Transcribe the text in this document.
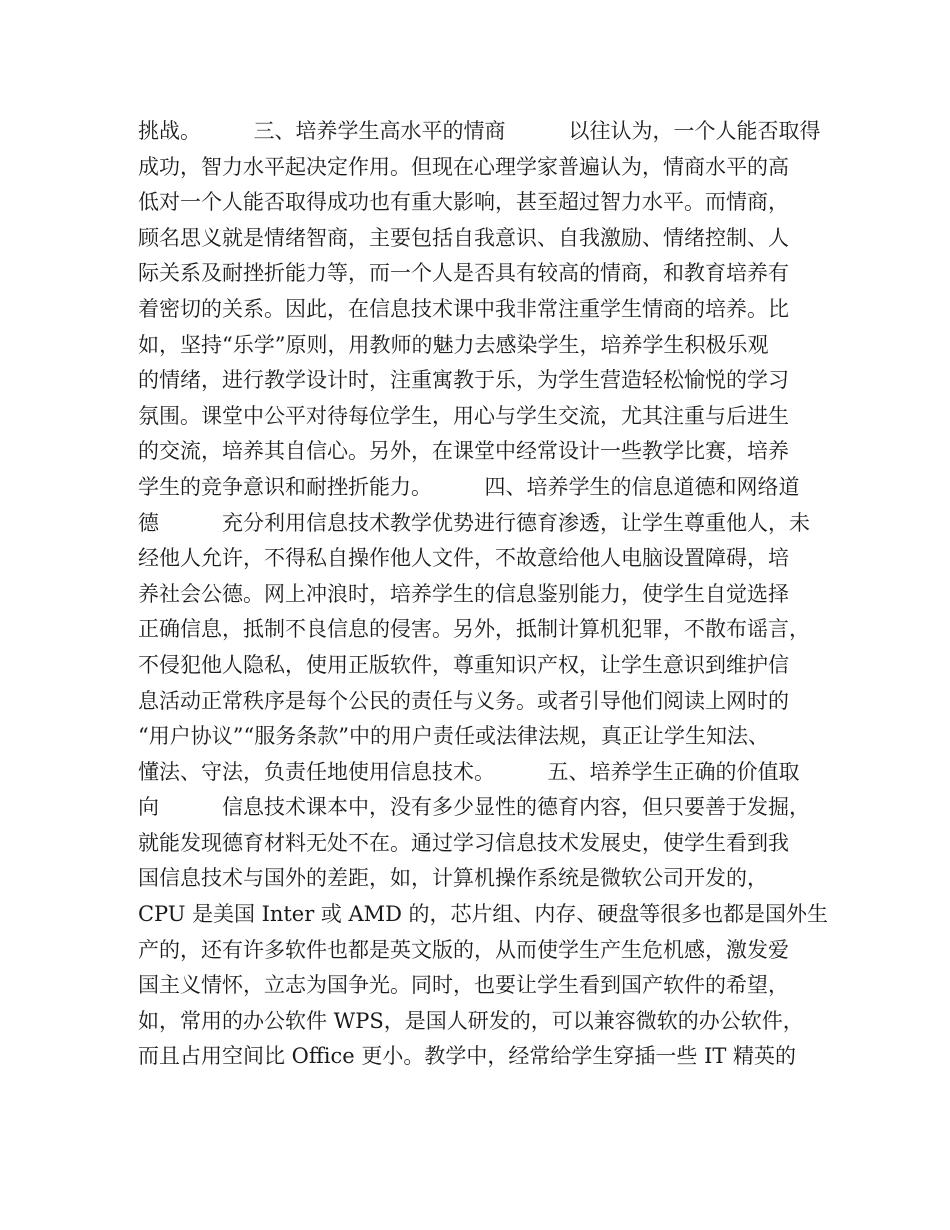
挑战。　　　三、培养学生高水平的情商　　　以往认为，一个人能否取得
成功，智力水平起决定作用。但现在心理学家普遍认为，情商水平的高
低对一个人能否取得成功也有重大影响，甚至超过智力水平。而情商，
顾名思义就是情绪智商，主要包括自我意识、自我激励、情绪控制、人
际关系及耐挫折能力等，而一个人是否具有较高的情商，和教育培养有
着密切的关系。因此，在信息技术课中我非常注重学生情商的培养。比
如，坚持“乐学”原则，用教师的魅力去感染学生，培养学生积极乐观
的情绪，进行教学设计时，注重寓教于乐，为学生营造轻松愉悦的学习
氛围。课堂中公平对待每位学生，用心与学生交流，尤其注重与后进生
的交流，培养其自信心。另外，在课堂中经常设计一些教学比赛，培养
学生的竞争意识和耐挫折能力。　　　四、培养学生的信息道德和网络道
德　　　充分利用信息技术教学优势进行德育渗透，让学生尊重他人，未
经他人允许，不得私自操作他人文件，不故意给他人电脑设置障碍，培
养社会公德。网上冲浪时，培养学生的信息鉴别能力，使学生自觉选择
正确信息，抵制不良信息的侵害。另外，抵制计算机犯罪，不散布谣言，
不侵犯他人隐私，使用正版软件，尊重知识产权，让学生意识到维护信
息活动正常秩序是每个公民的责任与义务。或者引导他们阅读上网时的
“用户协议”“服务条款”中的用户责任或法律法规，真正让学生知法、
懂法、守法，负责任地使用信息技术。　　　五、培养学生正确的价值取
向　　　信息技术课本中，没有多少显性的德育内容，但只要善于发掘，
就能发现德育材料无处不在。通过学习信息技术发展史，使学生看到我
国信息技术与国外的差距，如，计算机操作系统是微软公司开发的，
CPU 是美国 Inter 或 AMD 的，芯片组、内存、硬盘等很多也都是国外生
产的，还有许多软件也都是英文版的，从而使学生产生危机感，激发爱
国主义情怀，立志为国争光。同时，也要让学生看到国产软件的希望，
如，常用的办公软件 WPS，是国人研发的，可以兼容微软的办公软件，
而且占用空间比 Office 更小。教学中，经常给学生穿插一些 IT 精英的
